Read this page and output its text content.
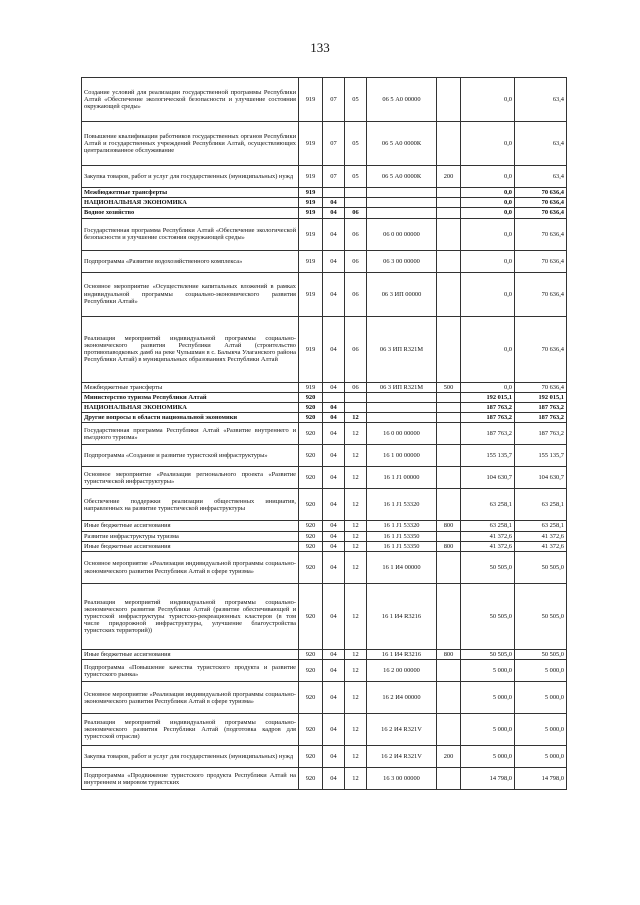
133
Создание условий для реализации государственной программы Республики Алтай «Обеспечение экологической безопасности и улучшение состояния окружающей среды»	919	07	05	06 5 А0 00000		0,0	63,4
Повышение квалификации работников государственных органов Республики Алтай и государственных учреждений Республики Алтай, осуществляющих централизованное обслуживание	919	07	05	06 5 А0 0000К		0,0	63,4
Закупка товаров, работ и услуг для государственных (муниципальных) нужд	919	07	05	06 5 А0 0000К	200	0,0	63,4
Межбюджетные трансферты	919					0,0	70 636,4
НАЦИОНАЛЬНАЯ ЭКОНОМИКА	919	04				0,0	70 636,4
Водное хозяйство	919	04	06			0,0	70 636,4
Государственная программа Республики Алтай «Обеспечение экологической безопасности и улучшение состояния окружающей среды»	919	04	06	06 0 00 00000		0,0	70 636,4
Подпрограмма «Развитие водохозяйственного комплекса»	919	04	06	06 3 00 00000		0,0	70 636,4
Основное мероприятие «Осуществление капитальных вложений в рамках индивидуальной программы социально-экономического развития Республики Алтай»	919	04	06	06 3 ИП 00000		0,0	70 636,4
Реализация мероприятий индивидуальной программы социально-экономического развития Республики Алтай (строительство противопаводковых дамб на реке Чульшман в с. Балыкча Улаганского района Республики Алтай) в муниципальных образованиях Республики Алтай	919	04	06	06 3 ИП R321М		0,0	70 636,4
Межбюджетные трансферты	919	04	06	06 3 ИП R321М	500	0,0	70 636,4
Министерство туризма Республики Алтай	920					192 015,1	192 015,1
НАЦИОНАЛЬНАЯ ЭКОНОМИКА	920	04				187 763,2	187 763,2
Другие вопросы в области национальной экономики	920	04	12			187 763,2	187 763,2
Государственная программа Республики Алтай «Развитие внутреннего и въездного туризма»	920	04	12	16 0 00 00000		187 763,2	187 763,2
Подпрограмма «Создание и развитие туристской инфраструктуры»	920	04	12	16 1 00 00000		155 135,7	155 135,7
Основное мероприятие «Реализация регионального проекта «Развитие туристической инфраструктуры»	920	04	12	16 1 J1 00000		104 630,7	104 630,7
Обеспечение поддержки реализации общественных инициатив, направленных на развитие туристической инфраструктуры	920	04	12	16 1 J1 53320		63 258,1	63 258,1
Иные бюджетные ассигнования	920	04	12	16 1 J1 53320	800	63 258,1	63 258,1
Развитие инфраструктуры туризма	920	04	12	16 1 J1 53350		41 372,6	41 372,6
Иные бюджетные ассигнования	920	04	12	16 1 J1 53350	800	41 372,6	41 372,6
Основное мероприятие «Реализация индивидуальной программы социально-экономического развития Республики Алтай в сфере туризма»	920	04	12	16 1 И4 00000		50 505,0	50 505,0
Реализация мероприятий индивидуальной программы социально-экономического развития Республики Алтай (развитие обеспечивающей и туристской инфраструктуры туристско-рекреационных кластеров (в том числе придорожной инфраструктуры, улучшение благоустройства туристских территорий))	920	04	12	16 1 И4 R3216		50 505,0	50 505,0
Иные бюджетные ассигнования	920	04	12	16 1 И4 R3216	800	50 505,0	50 505,0
Подпрограмма «Повышение качества туристского продукта и развитие туристского рынка»	920	04	12	16 2 00 00000		5 000,0	5 000,0
Основное мероприятие «Реализация индивидуальной программы социально-экономического развития Республики Алтай в сфере туризма»	920	04	12	16 2 И4 00000		5 000,0	5 000,0
Реализация мероприятий индивидуальной программы социально-экономического развития Республики Алтай (подготовка кадров для туристской отрасли)	920	04	12	16 2 И4 R321V		5 000,0	5 000,0
Закупка товаров, работ и услуг для государственных (муниципальных) нужд	920	04	12	16 2 И4 R321V	200	5 000,0	5 000,0
Подпрограмма «Продвижение туристского продукта Республики Алтай на внутреннем и мировом туристских	920	04	12	16 3 00 00000		14 798,0	14 798,0
